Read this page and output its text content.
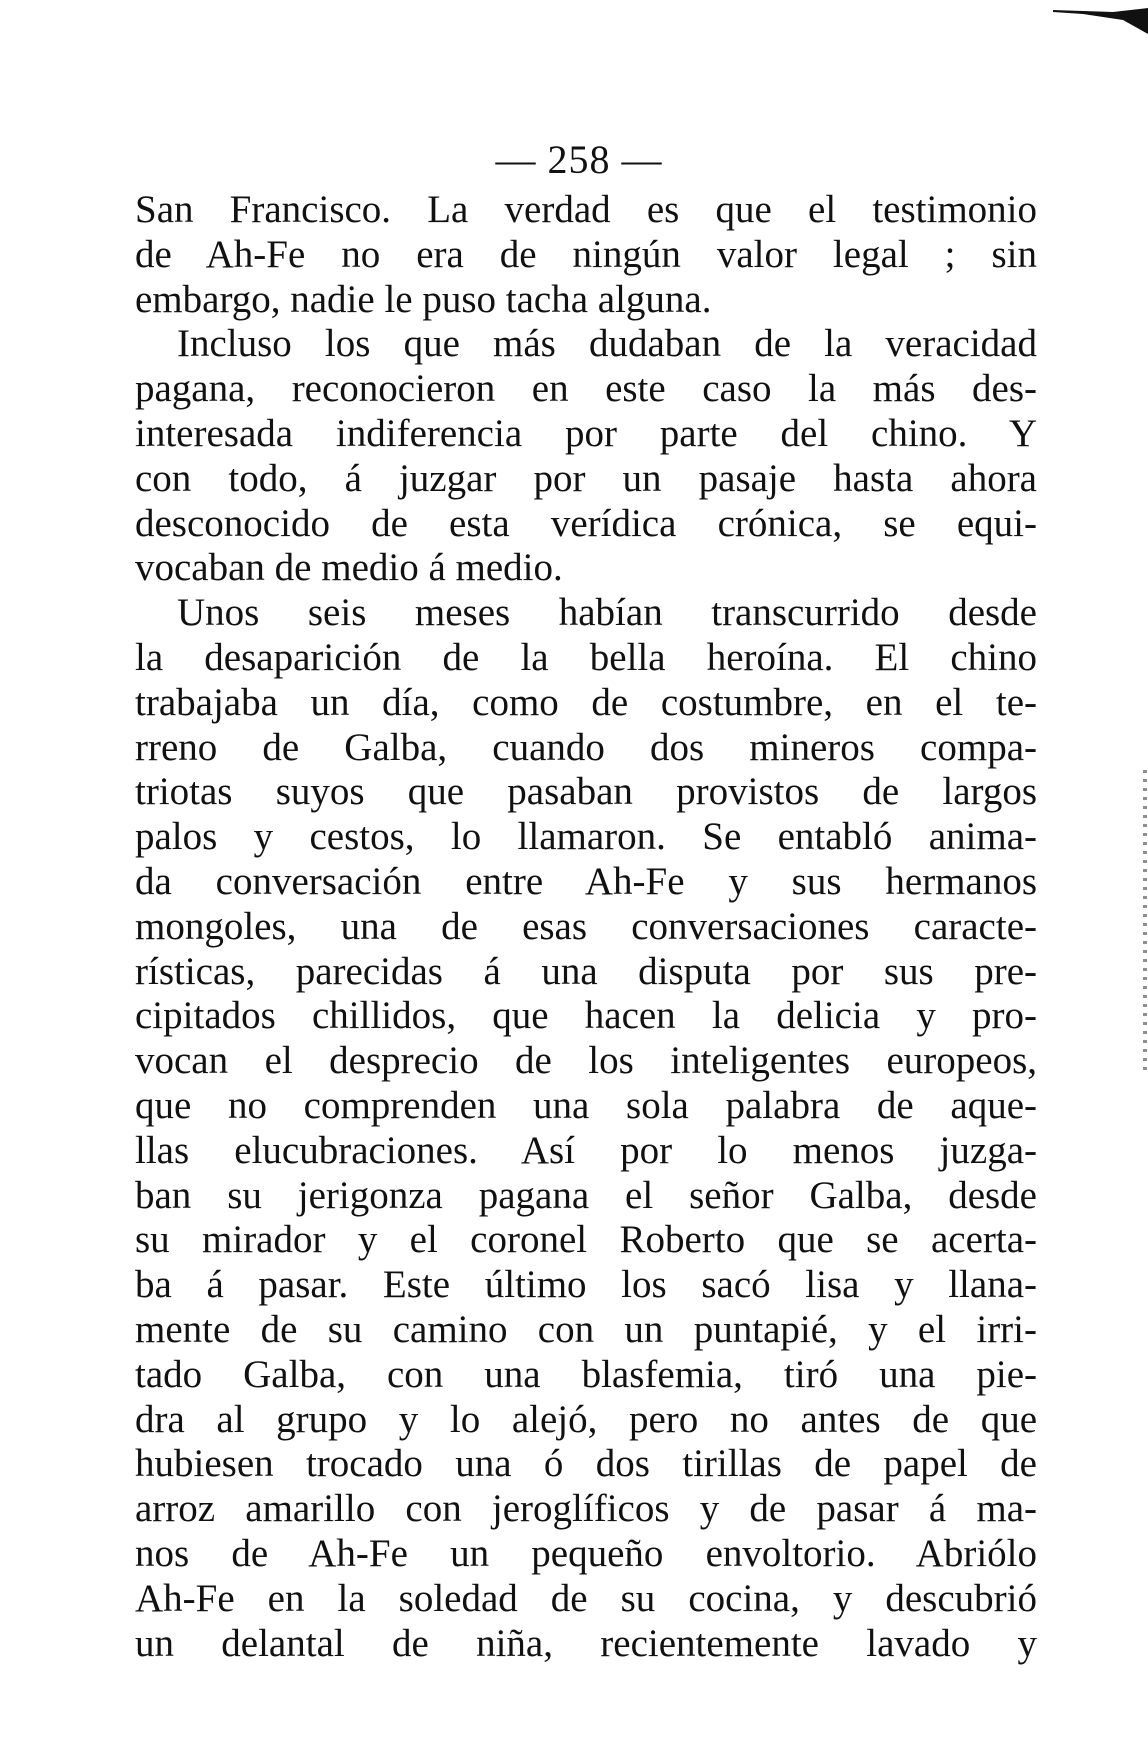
— 258 —
San Francisco. La verdad es que el testimonio
de Ah-Fe no era de ningún valor legal ; sin
embargo, nadie le puso tacha alguna.
Incluso los que más dudaban de la veracidad
pagana, reconocieron en este caso la más des-
interesada indiferencia por parte del chino. Y
con todo, á juzgar por un pasaje hasta ahora
desconocido de esta verídica crónica, se equi-
vocaban de medio á medio.
Unos seis meses habían transcurrido desde
la desaparición de la bella heroína. El chino
trabajaba un día, como de costumbre, en el te-
rreno de Galba, cuando dos mineros compa-
triotas suyos que pasaban provistos de largos
palos y cestos, lo llamaron. Se entabló anima-
da conversación entre Ah-Fe y sus hermanos
mongoles, una de esas conversaciones caracte-
rísticas, parecidas á una disputa por sus pre-
cipitados chillidos, que hacen la delicia y pro-
vocan el desprecio de los inteligentes europeos,
que no comprenden una sola palabra de aque-
llas elucubraciones. Así por lo menos juzga-
ban su jerigonza pagana el señor Galba, desde
su mirador y el coronel Roberto que se acerta-
ba á pasar. Este último los sacó lisa y llana-
mente de su camino con un puntapié, y el irri-
tado Galba, con una blasfemia, tiró una pie-
dra al grupo y lo alejó, pero no antes de que
hubiesen trocado una ó dos tirillas de papel de
arroz amarillo con jeroglíficos y de pasar á ma-
nos de Ah-Fe un pequeño envoltorio. Abriólo
Ah-Fe en la soledad de su cocina, y descubrió
un delantal de niña, recientemente lavado y
